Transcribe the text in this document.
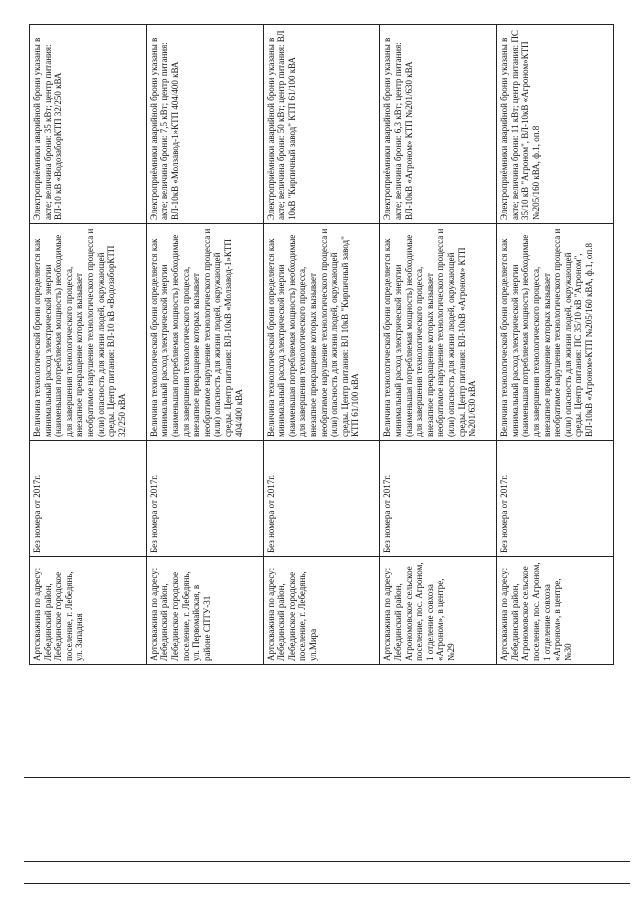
Артскважина по адресу: Лебединский район, Лебединское городское поселение, г. Лебедянь, ул. Западная	Без номера от 2017г.	Величина технологической брони определяется как минимальный расход электрической энергии (наименьшая потребляемая мощность) необходимые для завершения технологического процесса, внезапное прекращение которых вызывает необратимое нарушение технологического процесса и (или) опасность для жизни людей, окружающей среды. Центр питания: ВЛ-10 кВ «ВодозаборКТП 32/250 кВА	Электроприёмники аварийной брони указаны в акте; величина брони: 35 кВт; центр питания: ВЛ-10 кВ «ВодозаборКТП 32/250 кВА
Артскважина по адресу: Лебединский район, Лебединское городское поселение, г. Лебедянь, ул. Первомайская, в районе СПТУ-31	Без номера от 2017г.	Величина технологической брони определяется как минимальный расход электрической энергии (наименьшая потребляемая мощность) необходимые для завершения технологического процесса, внезапное прекращение которых вызывает необратимое нарушение технологического процесса и (или) опасность для жизни людей, окружающей среды. Центр питания: ВЛ-10кВ «Молзавод-1»КТП 404/400 кВА	Электроприёмники аварийной брони указаны в акте; величина брони: 7,5 кВт; центр питания: ВЛ-10кВ «Молзавод-1»КТП 404/400 кВА
Артскважина по адресу: Лебединский район, Лебединское городское поселение, г. Лебедянь, ул.Мира	Без номера от 2017г.	Величина технологической брони определяется как минимальный расход электрической энергии (наименьшая потребляемая мощность) необходимые для завершения технологического процесса, внезапное прекращение которых вызывает необратимое нарушение технологического процесса и (или) опасность для жизни людей, окружающей среды. Центр питания: ВЛ 10кВ "Кирпичный завод" КТП 61/100 кВА	Электроприёмники аварийной брони указаны в акте; величина брони: 50 кВт; центр питания: ВЛ 10кВ "Кирпичный завод" КТП 61/100 кВА
Артскважина по адресу: Лебединский район, Агрономовское сельское поселение, пос. Агроном, 1 отделение совхоза «Агроном», в центре, №29	Без номера от 2017г.	Величина технологической брони определяется как минимальный расход электрической энергии (наименьшая потребляемая мощность) необходимые для завершения технологического процесса, внезапное прекращение которых вызывает необратимое нарушение технологического процесса и (или) опасность для жизни людей, окружающей среды. Центр питания: ВЛ-10кВ «Агроном» КТП №201/630 кВА	Электроприёмники аварийной брони указаны в акте; величина брони: 6,3 кВт; центр питания: ВЛ-10кВ «Агроном» КТП №201/630 кВА
Артскважина по адресу: Лебединский район, Агрономовское сельское поселение, пос. Агроном, 1 отделение совхоза «Агроном», в центре, №30	Без номера от 2017г.	Величина технологической брони определяется как минимальный расход электрической энергии (наименьшая потребляемая мощность) необходимые для завершения технологического процесса, внезапное прекращение которых вызывает необратимое нарушение технологического процесса и (или) опасность для жизни людей, окружающей среды. Центр питания: ПС 35/10 кВ "Агроном", ВЛ-10кВ «Агроном»КТП №205/160 кВА, ф.1, оп.8	Электроприёмники аварийной брони указаны в акте; величина брони: 11 кВт; центр питания: ПС 35/10 кВ "Агроном", ВЛ-10кВ «Агроном»КТП №205/160 кВА, ф.1, оп.8
